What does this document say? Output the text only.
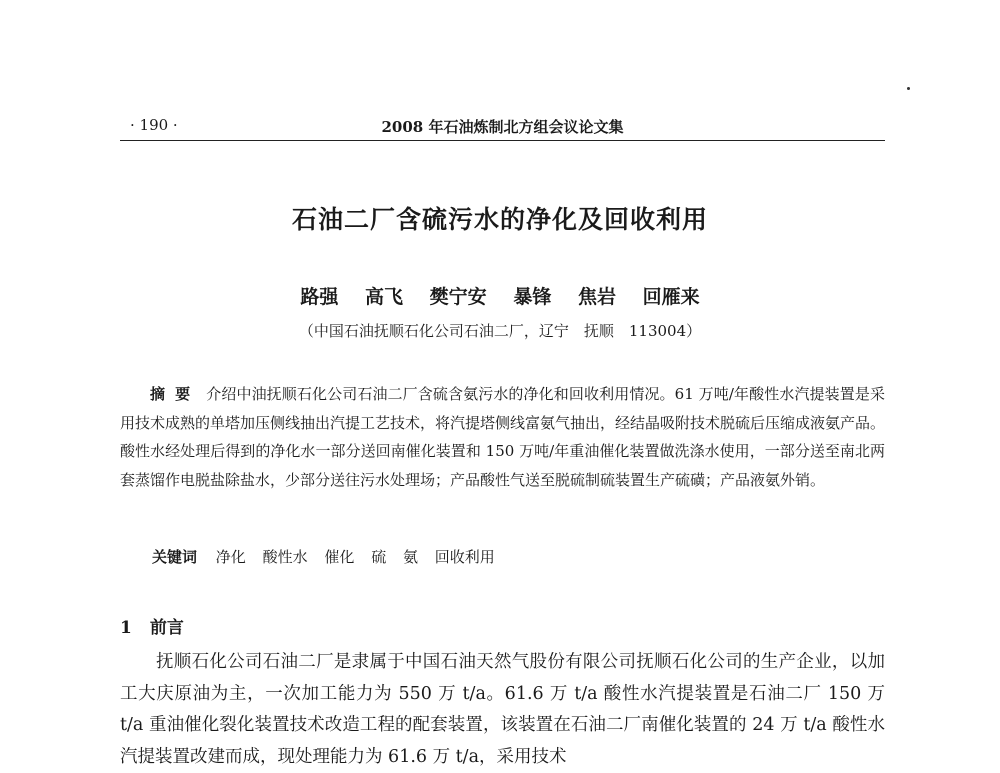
· 190 ·	2008 年石油炼制北方组会议论文集
石油二厂含硫污水的净化及回收利用
路强 高飞 樊宁安 暴锋 焦岩 回雁来
（中国石油抚顺石化公司石油二厂，辽宁　抚顺　113004）
摘要 介绍中油抚顺石化公司石油二厂含硫含氨污水的净化和回收利用情况。61 万吨/年酸性水汽提装置是采用技术成熟的单塔加压侧线抽出汽提工艺技术，将汽提塔侧线富氨气抽出，经结晶吸附技术脱硫后压缩成液氨产品。酸性水经处理后得到的净化水一部分送回南催化装置和 150 万吨/年重油催化装置做洗涤水使用，一部分送至南北两套蒸馏作电脱盐除盐水，少部分送往污水处理场；产品酸性气送至脱硫制硫装置生产硫磺；产品液氨外销。
关键词 净化 酸性水 催化 硫 氨 回收利用
1 前言
抚顺石化公司石油二厂是隶属于中国石油天然气股份有限公司抚顺石化公司的生产企业，以加工大庆原油为主，一次加工能力为 550 万 t/a。61.6 万 t/a 酸性水汽提装置是石油二厂 150 万 t/a 重油催化裂化装置技术改造工程的配套装置，该装置在石油二厂南催化装置的 24 万 t/a 酸性水汽提装置改建而成，现处理能力为 61.6 万 t/a，采用技术
